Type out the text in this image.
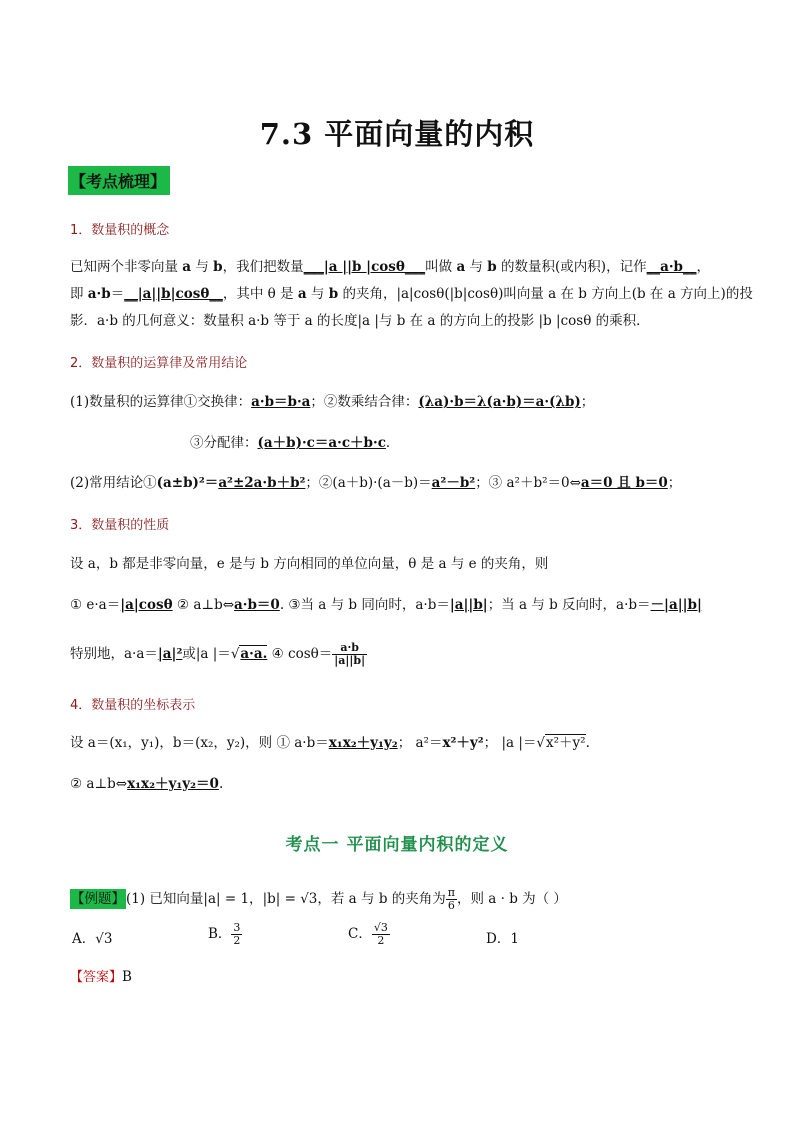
7.3 平面向量的内积
【考点梳理】
1．数量积的概念
已知两个非零向量 a 与 b，我们把数量___|a ||b |cosθ___叫做 a 与 b 的数量积(或内积)，记作__a·b__，
即 a·b＝__|a||b|cosθ__，其中 θ 是 a 与 b 的夹角，|a|cosθ(|b|cosθ)叫向量 a 在 b 方向上(b 在 a 方向上)的投
影．a·b 的几何意义：数量积 a·b 等于 a 的长度|a |与 b 在 a 的方向上的投影 |b |cosθ 的乘积．
2．数量积的运算律及常用结论
(1)数量积的运算律①交换律：a·b＝b·a；②数乘结合律：(λa)·b＝λ(a·b)＝a·(λb)；
③分配律：(a＋b)·c＝a·c＋b·c．
(2)常用结论①(a±b)²＝a²±2a·b＋b²；②(a＋b)·(a－b)＝a²－b²；③ a²＋b²＝0⇔a＝0 且 b＝0；
3．数量积的性质
设 a，b 都是非零向量，e 是与 b 方向相同的单位向量，θ 是 a 与 e 的夹角，则
① e·a＝|a|cosθ ② a⊥b⇔a·b＝0. ③当 a 与 b 同向时，a·b＝|a||b|；当 a 与 b 反向时，a·b＝－|a||b|
特别地，a·a＝|a|²或|a |＝√a·a. ④ $\cos\theta= \frac{a\cdot b}{|a||b|}$
4．数量积的坐标表示
设 a＝(x₁，y₁)，b＝(x₂，y₂)，则 ① a·b＝x₁x₂＋y₁y₂； a²＝x²＋y²； |a |＝√x²＋y².
② a⊥b⇔x₁x₂＋y₁y₂＝0.
考点一 平面向量内积的定义
【例题】(1) 已知向量|a| = 1，|b| = √3，若 a 与 b 的夹角为 $\frac{\pi}{6}$ ，则 a · b 为（ ）
A．√3	B． $\frac{3}{2}$	C． $\frac{√3}{2}$	D．1
【答案】B
